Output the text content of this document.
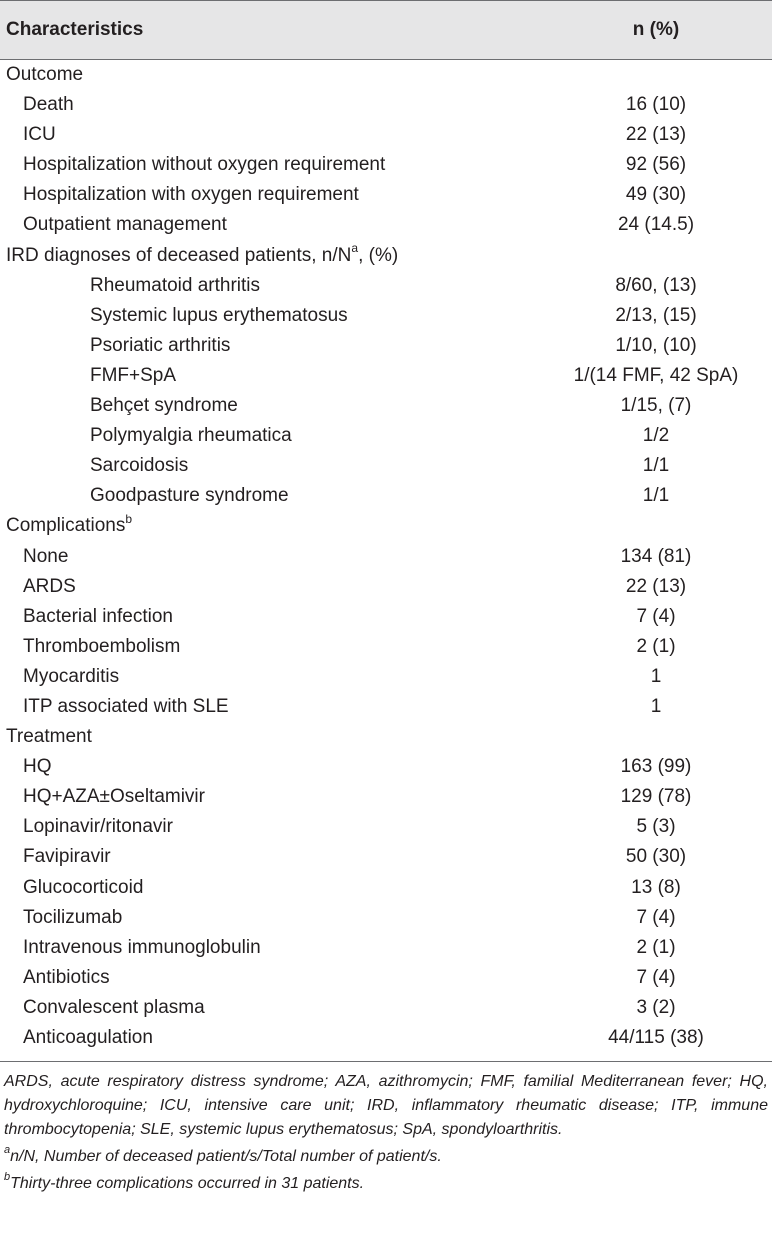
Characteristics	n (%)
Outcome
Death	16 (10)
ICU	22 (13)
Hospitalization without oxygen requirement	92 (56)
Hospitalization with oxygen requirement	49 (30)
Outpatient management	24 (14.5)
IRD diagnoses of deceased patients, $n/N^a$, (%)
Rheumatoid arthritis	8/60, (13)
Systemic lupus erythematosus	2/13, (15)
Psoriatic arthritis	1/10, (10)
FMF+SpA	1/(14 FMF, 42 SpA)
Behçet syndrome	1/15, (7)
Polymyalgia rheumatica	1/2
Sarcoidosis	1/1
Goodpasture syndrome	1/1
Complications$^b$
None	134 (81)
ARDS	22 (13)
Bacterial infection	7 (4)
Thromboembolism	2 (1)
Myocarditis	1
ITP associated with SLE	1
Treatment
HQ	163 (99)
HQ+AZA±Oseltamivir	129 (78)
Lopinavir/ritonavir	5 (3)
Favipiravir	50 (30)
Glucocorticoid	13 (8)
Tocilizumab	7 (4)
Intravenous immunoglobulin	2 (1)
Antibiotics	7 (4)
Convalescent plasma	3 (2)
Anticoagulation	44/115 (38)
ARDS, acute respiratory distress syndrome; AZA, azithromycin; FMF, familial Mediterranean fever; HQ, hydroxychloroquine; ICU, intensive care unit; IRD, inflammatory rheumatic disease; ITP, immune thrombocytopenia; SLE, systemic lupus erythematosus; SpA, spondyloarthritis.
$^a$n/N, Number of deceased patient/s/Total number of patient/s.
$^b$Thirty-three complications occurred in 31 patients.
